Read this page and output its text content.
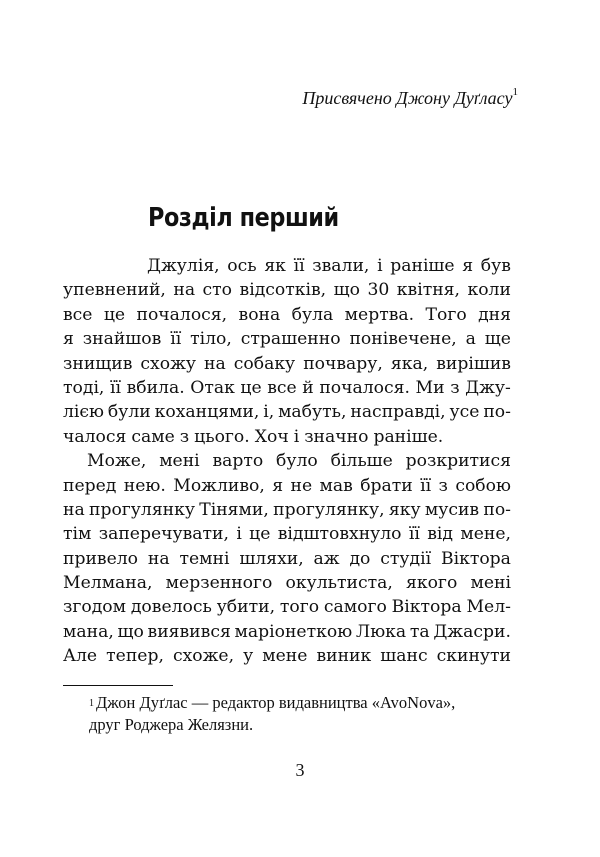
Присвячено Джону Дуґласу$^1$
Розділ перший
Джулія, ось як її звали, і раніше я був
упевнений, на сто відсотків, що 30 квітня, коли
все це почалося, вона була мертва. Того дня
я знайшов її тіло, страшенно понівечене, а ще
знищив схожу на собаку почвару, яка, вирішив
тоді, її вбила. Отак це все й почалося. Ми з Джу-
лією були коханцями, і, мабуть, насправді, усе по-
чалося саме з цього. Хоч і значно раніше.
Може, мені варто було більше розкритися
перед нею. Можливо, я не мав брати її з собою
на прогулянку Тінями, прогулянку, яку мусив по-
тім заперечувати, і це відштовхнуло її від мене,
привело на темні шляхи, аж до студії Віктора
Мелмана, мерзенного окультиста, якого мені
згодом довелось убити, того самого Віктора Мел-
мана, що виявився маріонеткою Люка та Джасри.
Але тепер, схоже, у мене виник шанс скинути
$^1$ Джон Дуґлас — редактор видавництва «AvoNova»,
друг Роджера Желязни.
3
